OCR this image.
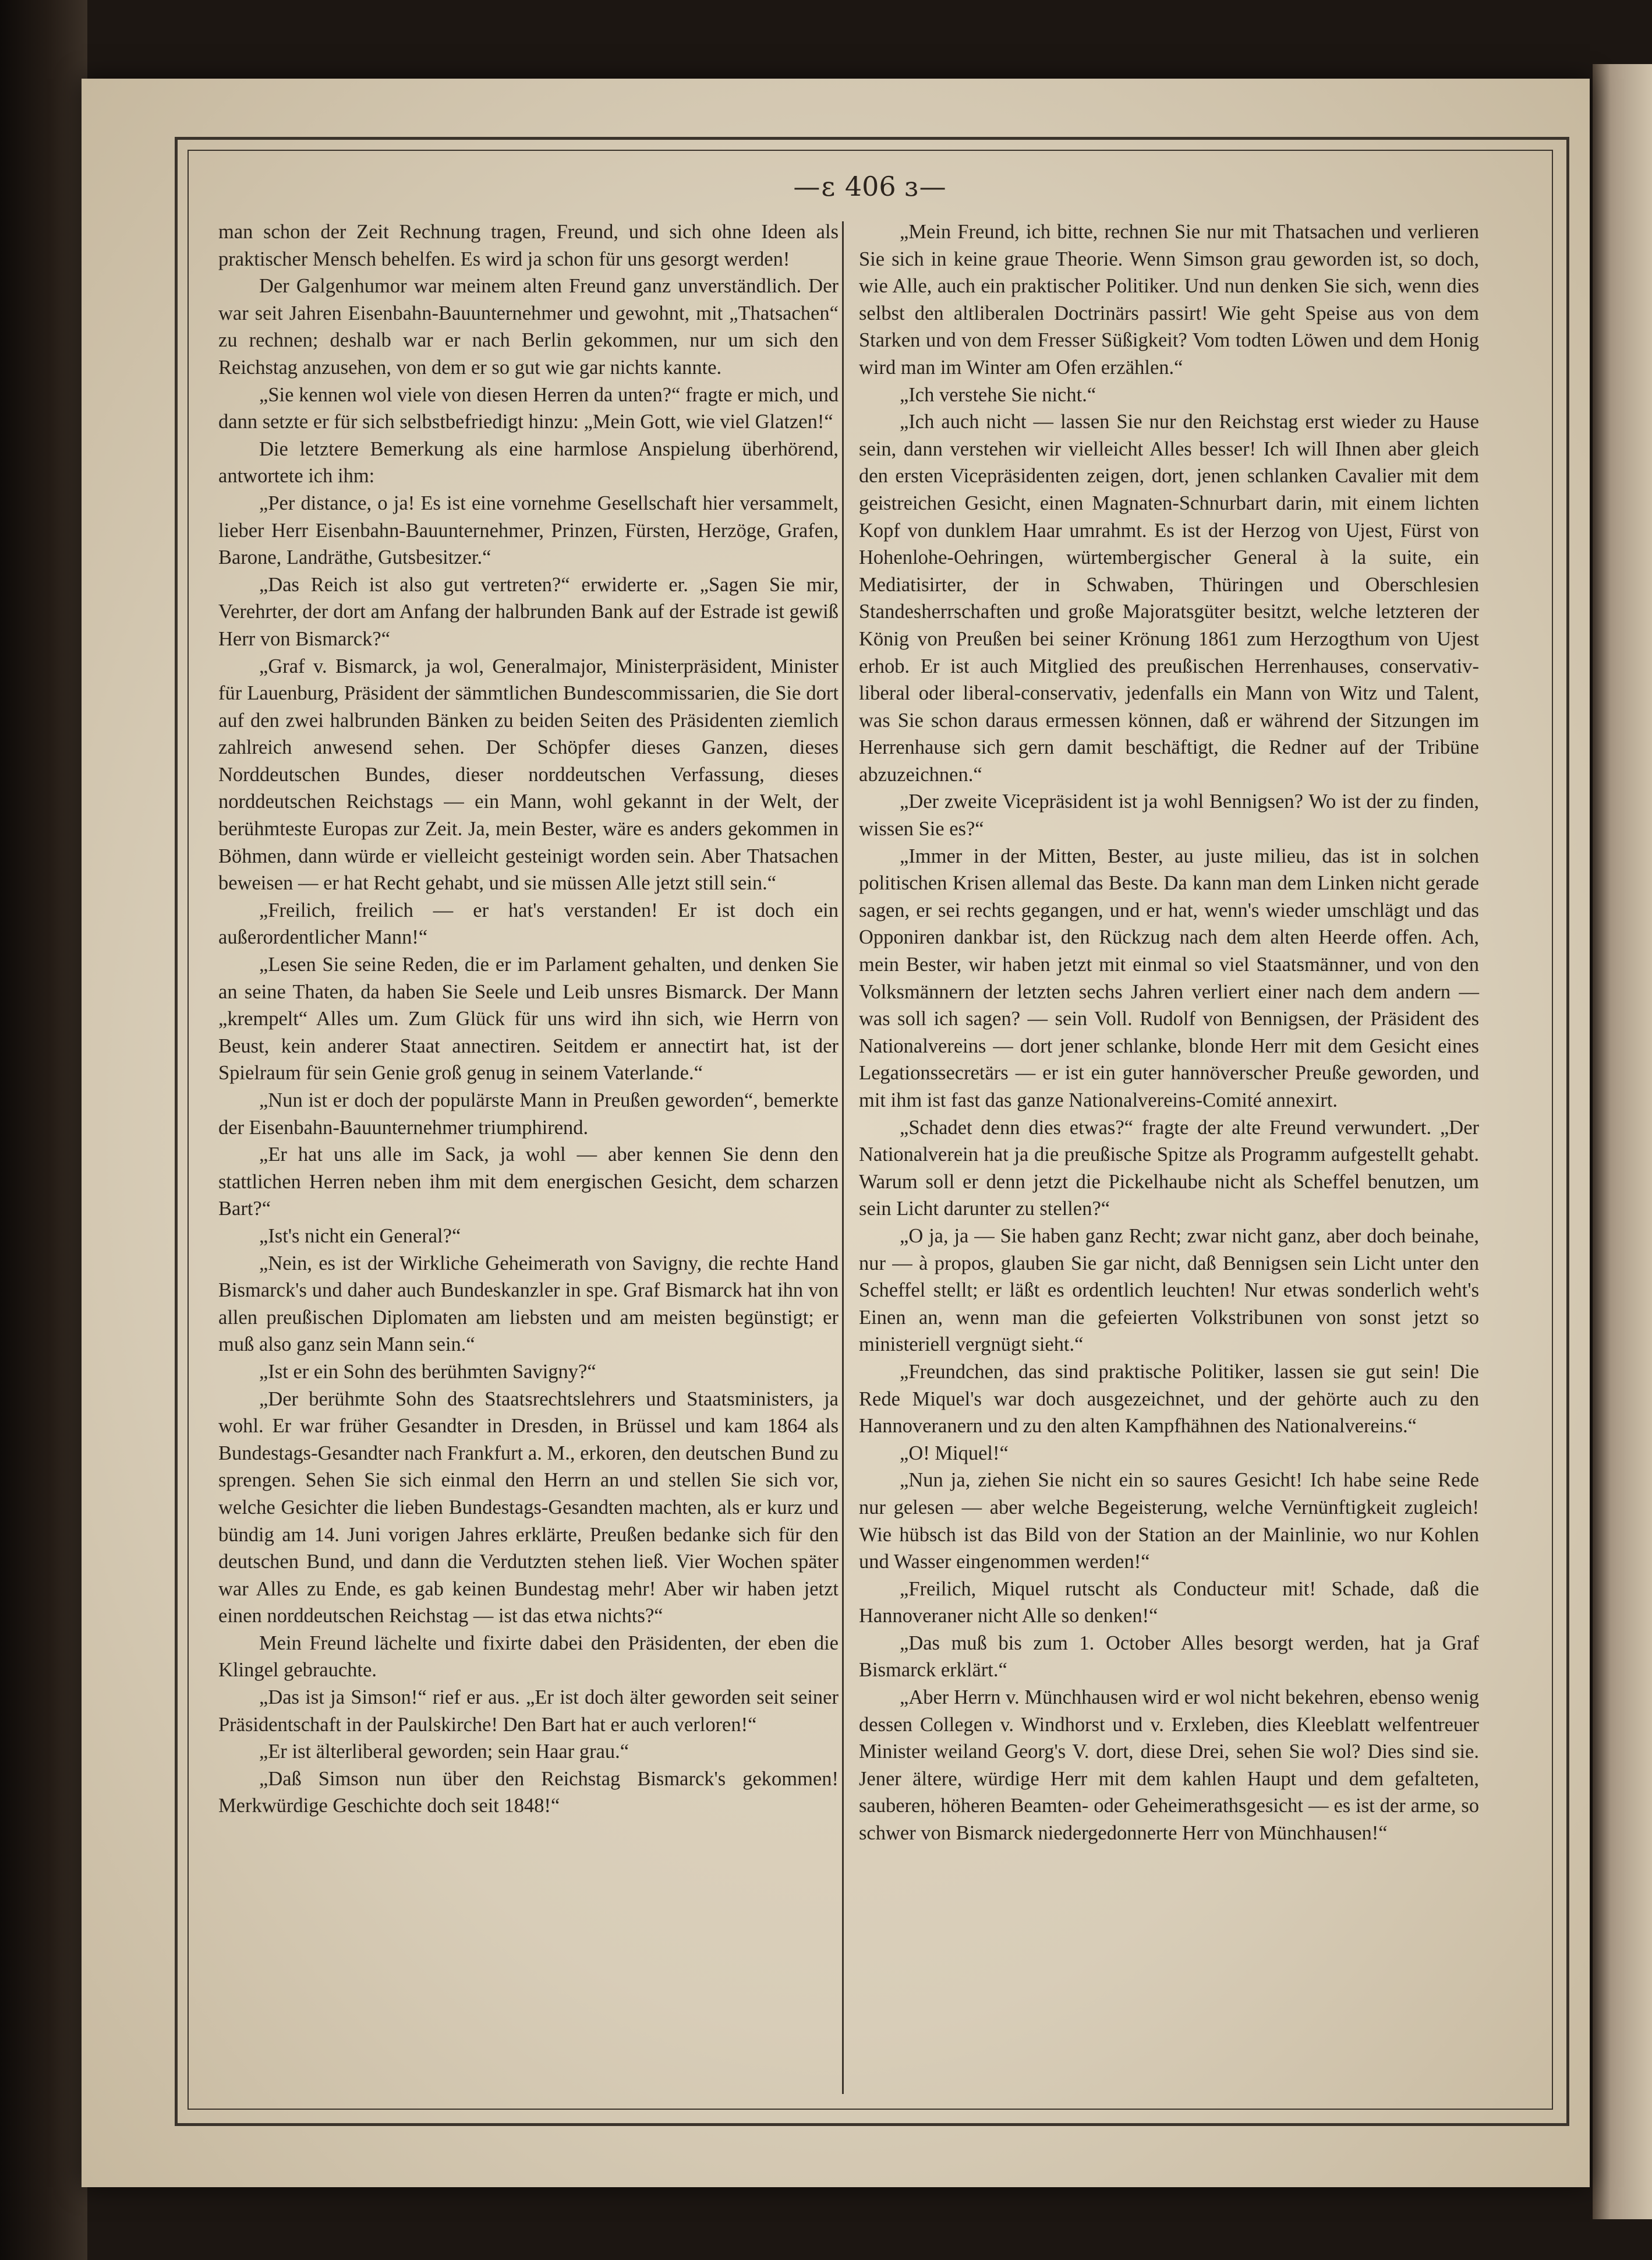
—ɛ 406 ɜ—

man schon der Zeit Rechnung tragen, Freund, und sich ohne Ideen als praktischer Mensch behelfen. Es wird ja schon für uns gesorgt werden!

Der Galgenhumor war meinem alten Freund ganz unverständlich. Der war seit Jahren Eisenbahn-Bauunternehmer und gewohnt, mit „Thatsachen“ zu rechnen; deshalb war er nach Berlin gekommen, nur um sich den Reichstag anzusehen, von dem er so gut wie gar nichts kannte.

„Sie kennen wol viele von diesen Herren da unten?“ fragte er mich, und dann setzte er für sich selbstbefriedigt hinzu: „Mein Gott, wie viel Glatzen!“

Die letztere Bemerkung als eine harmlose Anspielung überhörend, antwortete ich ihm:

„Per distance, o ja! Es ist eine vornehme Gesellschaft hier versammelt, lieber Herr Eisenbahn-Bauunternehmer, Prinzen, Fürsten, Herzöge, Grafen, Barone, Landräthe, Gutsbesitzer.“

„Das Reich ist also gut vertreten?“ erwiderte er. „Sagen Sie mir, Verehrter, der dort am Anfang der halbrunden Bank auf der Estrade ist gewiß Herr von Bismarck?“

„Graf v. Bismarck, ja wol, Generalmajor, Ministerpräsident, Minister für Lauenburg, Präsident der sämmtlichen Bundescommissarien, die Sie dort auf den zwei halbrunden Bänken zu beiden Seiten des Präsidenten ziemlich zahlreich anwesend sehen. Der Schöpfer dieses Ganzen, dieses Norddeutschen Bundes, dieser norddeutschen Verfassung, dieses norddeutschen Reichstags — ein Mann, wohl gekannt in der Welt, der berühmteste Europas zur Zeit. Ja, mein Bester, wäre es anders gekommen in Böhmen, dann würde er vielleicht gesteinigt worden sein. Aber Thatsachen beweisen — er hat Recht gehabt, und sie müssen Alle jetzt still sein.“

„Freilich, freilich — er hat's verstanden! Er ist doch ein außerordentlicher Mann!“

„Lesen Sie seine Reden, die er im Parlament gehalten, und denken Sie an seine Thaten, da haben Sie Seele und Leib unsres Bismarck. Der Mann „krempelt“ Alles um. Zum Glück für uns wird ihn sich, wie Herrn von Beust, kein anderer Staat annectiren. Seitdem er annectirt hat, ist der Spielraum für sein Genie groß genug in seinem Vaterlande.“

„Nun ist er doch der populärste Mann in Preußen geworden“, bemerkte der Eisenbahn-Bauunternehmer triumphirend.

„Er hat uns alle im Sack, ja wohl — aber kennen Sie denn den stattlichen Herren neben ihm mit dem energischen Gesicht, dem scharzen Bart?“

„Ist's nicht ein General?“

„Nein, es ist der Wirkliche Geheimerath von Savigny, die rechte Hand Bismarck's und daher auch Bundeskanzler in spe. Graf Bismarck hat ihn von allen preußischen Diplomaten am liebsten und am meisten begünstigt; er muß also ganz sein Mann sein.“

„Ist er ein Sohn des berühmten Savigny?“

„Der berühmte Sohn des Staatsrechtslehrers und Staatsministers, ja wohl. Er war früher Gesandter in Dresden, in Brüssel und kam 1864 als Bundestags-Gesandter nach Frankfurt a. M., erkoren, den deutschen Bund zu sprengen. Sehen Sie sich einmal den Herrn an und stellen Sie sich vor, welche Gesichter die lieben Bundestags-Gesandten machten, als er kurz und bündig am 14. Juni vorigen Jahres erklärte, Preußen bedanke sich für den deutschen Bund, und dann die Verdutzten stehen ließ. Vier Wochen später war Alles zu Ende, es gab keinen Bundestag mehr! Aber wir haben jetzt einen norddeutschen Reichstag — ist das etwa nichts?“

Mein Freund lächelte und fixirte dabei den Präsidenten, der eben die Klingel gebrauchte.

„Das ist ja Simson!“ rief er aus. „Er ist doch älter geworden seit seiner Präsidentschaft in der Paulskirche! Den Bart hat er auch verloren!“

„Er ist älterliberal geworden; sein Haar grau.“

„Daß Simson nun über den Reichstag Bismarck's gekommen! Merkwürdige Geschichte doch seit 1848!“

„Mein Freund, ich bitte, rechnen Sie nur mit Thatsachen und verlieren Sie sich in keine graue Theorie. Wenn Simson grau geworden ist, so doch, wie Alle, auch ein praktischer Politiker. Und nun denken Sie sich, wenn dies selbst den altliberalen Doctrinärs passirt! Wie geht Speise aus von dem Starken und von dem Fresser Süßigkeit? Vom todten Löwen und dem Honig wird man im Winter am Ofen erzählen.“

„Ich verstehe Sie nicht.“

„Ich auch nicht — lassen Sie nur den Reichstag erst wieder zu Hause sein, dann verstehen wir vielleicht Alles besser! Ich will Ihnen aber gleich den ersten Vicepräsidenten zeigen, dort, jenen schlanken Cavalier mit dem geistreichen Gesicht, einen Magnaten-Schnurbart darin, mit einem lichten Kopf von dunklem Haar umrahmt. Es ist der Herzog von Ujest, Fürst von Hohenlohe-Oehringen, würtembergischer General à la suite, ein Mediatisirter, der in Schwaben, Thüringen und Oberschlesien Standesherrschaften und große Majoratsgüter besitzt, welche letzteren der König von Preußen bei seiner Krönung 1861 zum Herzogthum von Ujest erhob. Er ist auch Mitglied des preußischen Herrenhauses, conservativ-liberal oder liberal-conservativ, jedenfalls ein Mann von Witz und Talent, was Sie schon daraus ermessen können, daß er während der Sitzungen im Herrenhause sich gern damit beschäftigt, die Redner auf der Tribüne abzuzeichnen.“

„Der zweite Vicepräsident ist ja wohl Bennigsen? Wo ist der zu finden, wissen Sie es?“

„Immer in der Mitten, Bester, au juste milieu, das ist in solchen politischen Krisen allemal das Beste. Da kann man dem Linken nicht gerade sagen, er sei rechts gegangen, und er hat, wenn's wieder umschlägt und das Opponiren dankbar ist, den Rückzug nach dem alten Heerde offen. Ach, mein Bester, wir haben jetzt mit einmal so viel Staatsmänner, und von den Volksmännern der letzten sechs Jahren verliert einer nach dem andern — was soll ich sagen? — sein Voll. Rudolf von Bennigsen, der Präsident des Nationalvereins — dort jener schlanke, blonde Herr mit dem Gesicht eines Legationssecretärs — er ist ein guter hannöverscher Preuße geworden, und mit ihm ist fast das ganze Nationalvereins-Comité annexirt.

„Schadet denn dies etwas?“ fragte der alte Freund verwundert. „Der Nationalverein hat ja die preußische Spitze als Programm aufgestellt gehabt. Warum soll er denn jetzt die Pickelhaube nicht als Scheffel benutzen, um sein Licht darunter zu stellen?“

„O ja, ja — Sie haben ganz Recht; zwar nicht ganz, aber doch beinahe, nur — à propos, glauben Sie gar nicht, daß Bennigsen sein Licht unter den Scheffel stellt; er läßt es ordentlich leuchten! Nur etwas sonderlich weht's Einen an, wenn man die gefeierten Volkstribunen von sonst jetzt so ministeriell vergnügt sieht.“

„Freundchen, das sind praktische Politiker, lassen sie gut sein! Die Rede Miquel's war doch ausgezeichnet, und der gehörte auch zu den Hannoveranern und zu den alten Kampfhähnen des Nationalvereins.“

„O! Miquel!“

„Nun ja, ziehen Sie nicht ein so saures Gesicht! Ich habe seine Rede nur gelesen — aber welche Begeisterung, welche Vernünftigkeit zugleich! Wie hübsch ist das Bild von der Station an der Mainlinie, wo nur Kohlen und Wasser eingenommen werden!“

„Freilich, Miquel rutscht als Conducteur mit! Schade, daß die Hannoveraner nicht Alle so denken!“

„Das muß bis zum 1. October Alles besorgt werden, hat ja Graf Bismarck erklärt.“

„Aber Herrn v. Münchhausen wird er wol nicht bekehren, ebenso wenig dessen Collegen v. Windhorst und v. Erxleben, dies Kleeblatt welfentreuer Minister weiland Georg's V. dort, diese Drei, sehen Sie wol? Dies sind sie. Jener ältere, würdige Herr mit dem kahlen Haupt und dem gefalteten, sauberen, höheren Beamten- oder Geheimerathsgesicht — es ist der arme, so schwer von Bismarck niedergedonnerte Herr von Münchhausen!“
